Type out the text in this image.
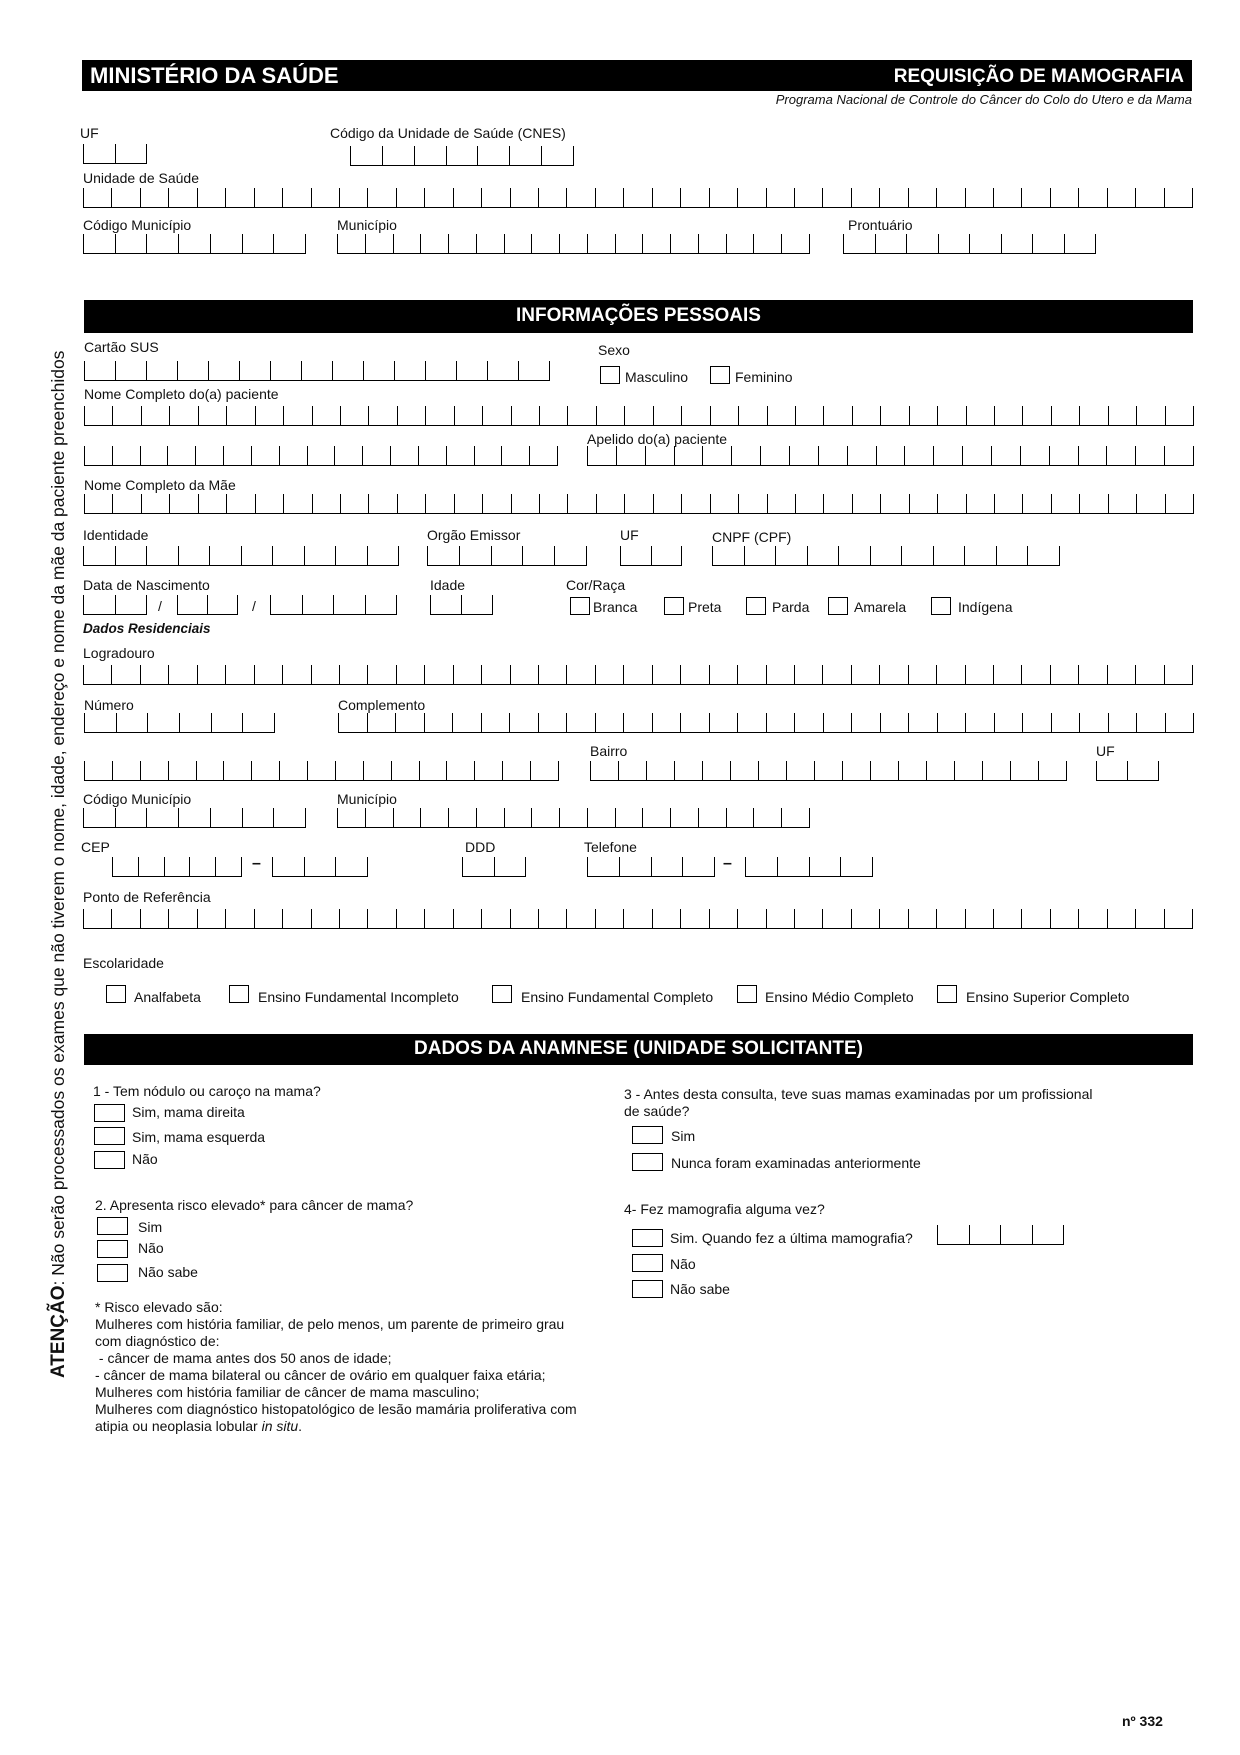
MINISTÉRIO DA SAÚDE	REQUISIÇÃO DE MAMOGRAFIA
Programa Nacional de Controle do Câncer do Colo do Utero e da Mama
UF	Código da Unidade de Saúde (CNES)
Unidade de Saúde
Código Município	Município	Prontuário
INFORMAÇÕES PESSOAIS
Cartão SUS	Sexo
Masculino	Feminino
Nome Completo do(a) paciente
Apelido do(a) paciente
Nome Completo da Mãe
Identidade	Orgão Emissor	UF	CNPF (CPF)
Data de Nascimento
/	/
Idade	Cor/Raça
Branca	Preta	Parda	Amarela	Indígena
Dados Residenciais
Logradouro
Número	Complemento
Bairro	UF
Código Município	Município
CEP
–
DDD	Telefone
–
Ponto de Referência
Escolaridade
Analfabeta	Ensino Fundamental Incompleto	Ensino Fundamental Completo	Ensino Médio Completo	Ensino Superior Completo
DADOS DA ANAMNESE (UNIDADE SOLICITANTE)
1 - Tem nódulo ou caroço na mama?
Sim, mama direita
Sim, mama esquerda
Não
2. Apresenta risco elevado* para câncer de mama?
Sim
Não
Não sabe
* Risco elevado são:
Mulheres com história familiar, de pelo menos, um parente de primeiro grau
com diagnóstico de:
- câncer de mama antes dos 50 anos de idade;
- câncer de mama bilateral ou câncer de ovário em qualquer faixa etária;
Mulheres com história familiar de câncer de mama masculino;
Mulheres com diagnóstico histopatológico de lesão mamária proliferativa com
atipia ou neoplasia lobular in situ.
3 - Antes desta consulta, teve suas mamas examinadas por um profissional
de saúde?
Sim
Nunca foram examinadas anteriormente
4- Fez mamografia alguma vez?
Sim. Quando fez a última mamografia?
Não
Não sabe
ATENÇÃO: Não serão processados os exames que não tiverem o nome, idade, endereço e nome da mãe da paciente preenchidos
nº 332
